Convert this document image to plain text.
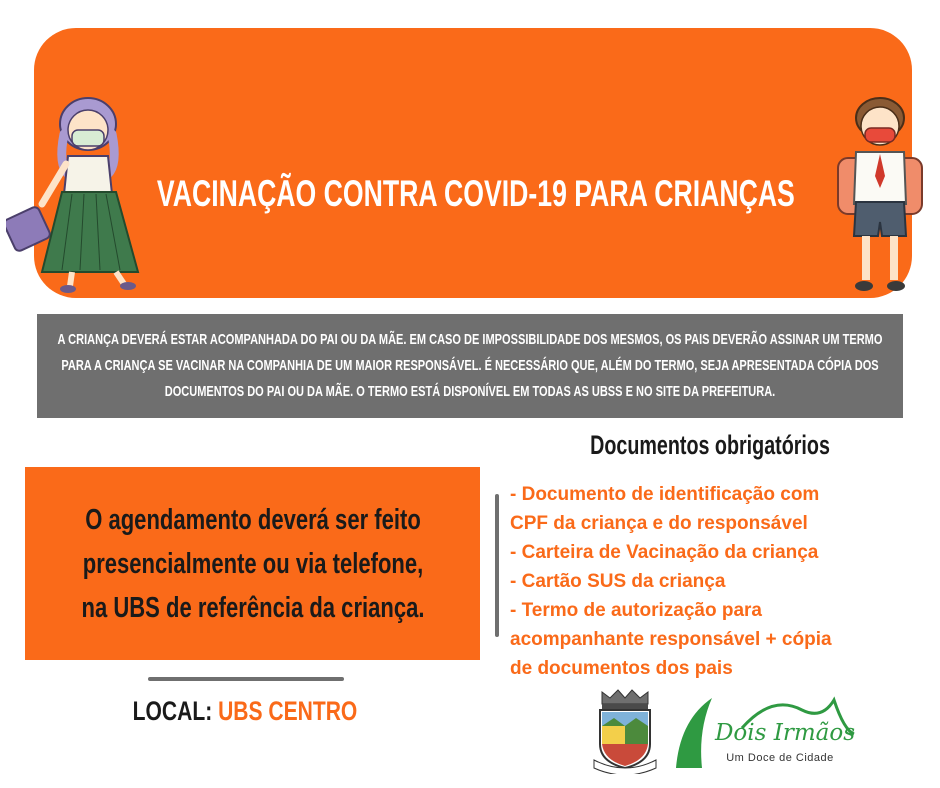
VACINAÇÃO CONTRA COVID-19 PARA CRIANÇAS
A CRIANÇA DEVERÁ ESTAR ACOMPANHADA DO PAI OU DA MÃE. EM CASO DE IMPOSSIBILIDADE DOS MESMOS, OS PAIS DEVERÃO ASSINAR UM TERMO PARA A CRIANÇA SE VACINAR NA COMPANHIA DE UM MAIOR RESPONSÁVEL. É NECESSÁRIO QUE, ALÉM DO TERMO, SEJA APRESENTADA CÓPIA DOS DOCUMENTOS DO PAI OU DA MÃE. O TERMO ESTÁ DISPONÍVEL EM TODAS AS UBSS E NO SITE DA PREFEITURA.
O agendamento deverá ser feito
presencialmente ou via telefone,
na UBS de referência da criança.
LOCAL: UBS CENTRO
Documentos obrigatórios
- Documento de identificação com
CPF da criança e do responsável
- Carteira de Vacinação da criança
- Cartão SUS da criança
- Termo de autorização para
acompanhante responsável + cópia
de documentos dos pais
Dois Irmãos
Um Doce de Cidade
